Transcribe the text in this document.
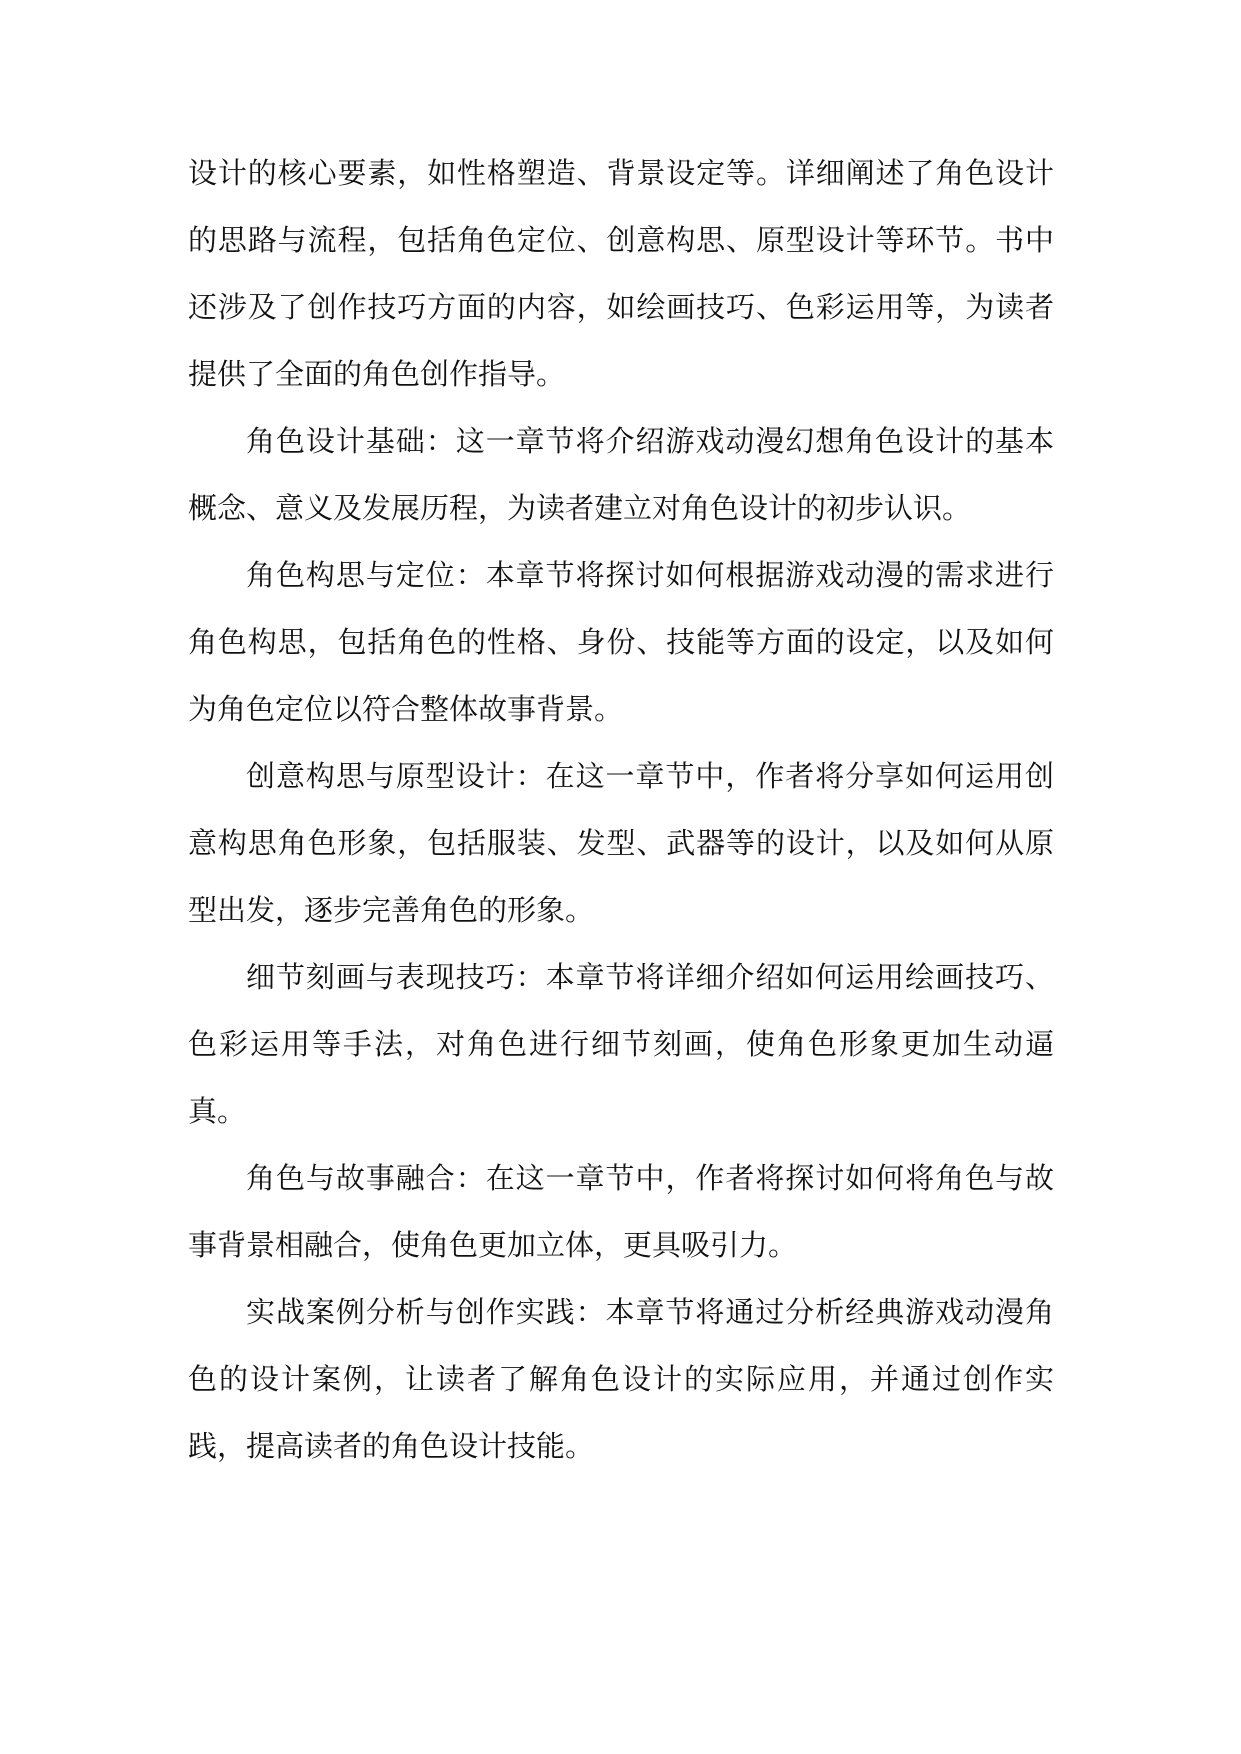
设计的核心要素，如性格塑造、背景设定等。详细阐述了角色设计的思路与流程，包括角色定位、创意构思、原型设计等环节。书中还涉及了创作技巧方面的内容，如绘画技巧、色彩运用等，为读者提供了全面的角色创作指导。

角色设计基础：这一章节将介绍游戏动漫幻想角色设计的基本概念、意义及发展历程，为读者建立对角色设计的初步认识。

角色构思与定位：本章节将探讨如何根据游戏动漫的需求进行角色构思，包括角色的性格、身份、技能等方面的设定，以及如何为角色定位以符合整体故事背景。

创意构思与原型设计：在这一章节中，作者将分享如何运用创意构思角色形象，包括服装、发型、武器等的设计，以及如何从原型出发，逐步完善角色的形象。

细节刻画与表现技巧：本章节将详细介绍如何运用绘画技巧、色彩运用等手法，对角色进行细节刻画，使角色形象更加生动逼真。

角色与故事融合：在这一章节中，作者将探讨如何将角色与故事背景相融合，使角色更加立体，更具吸引力。

实战案例分析与创作实践：本章节将通过分析经典游戏动漫角色的设计案例，让读者了解角色设计的实际应用，并通过创作实践，提高读者的角色设计技能。
